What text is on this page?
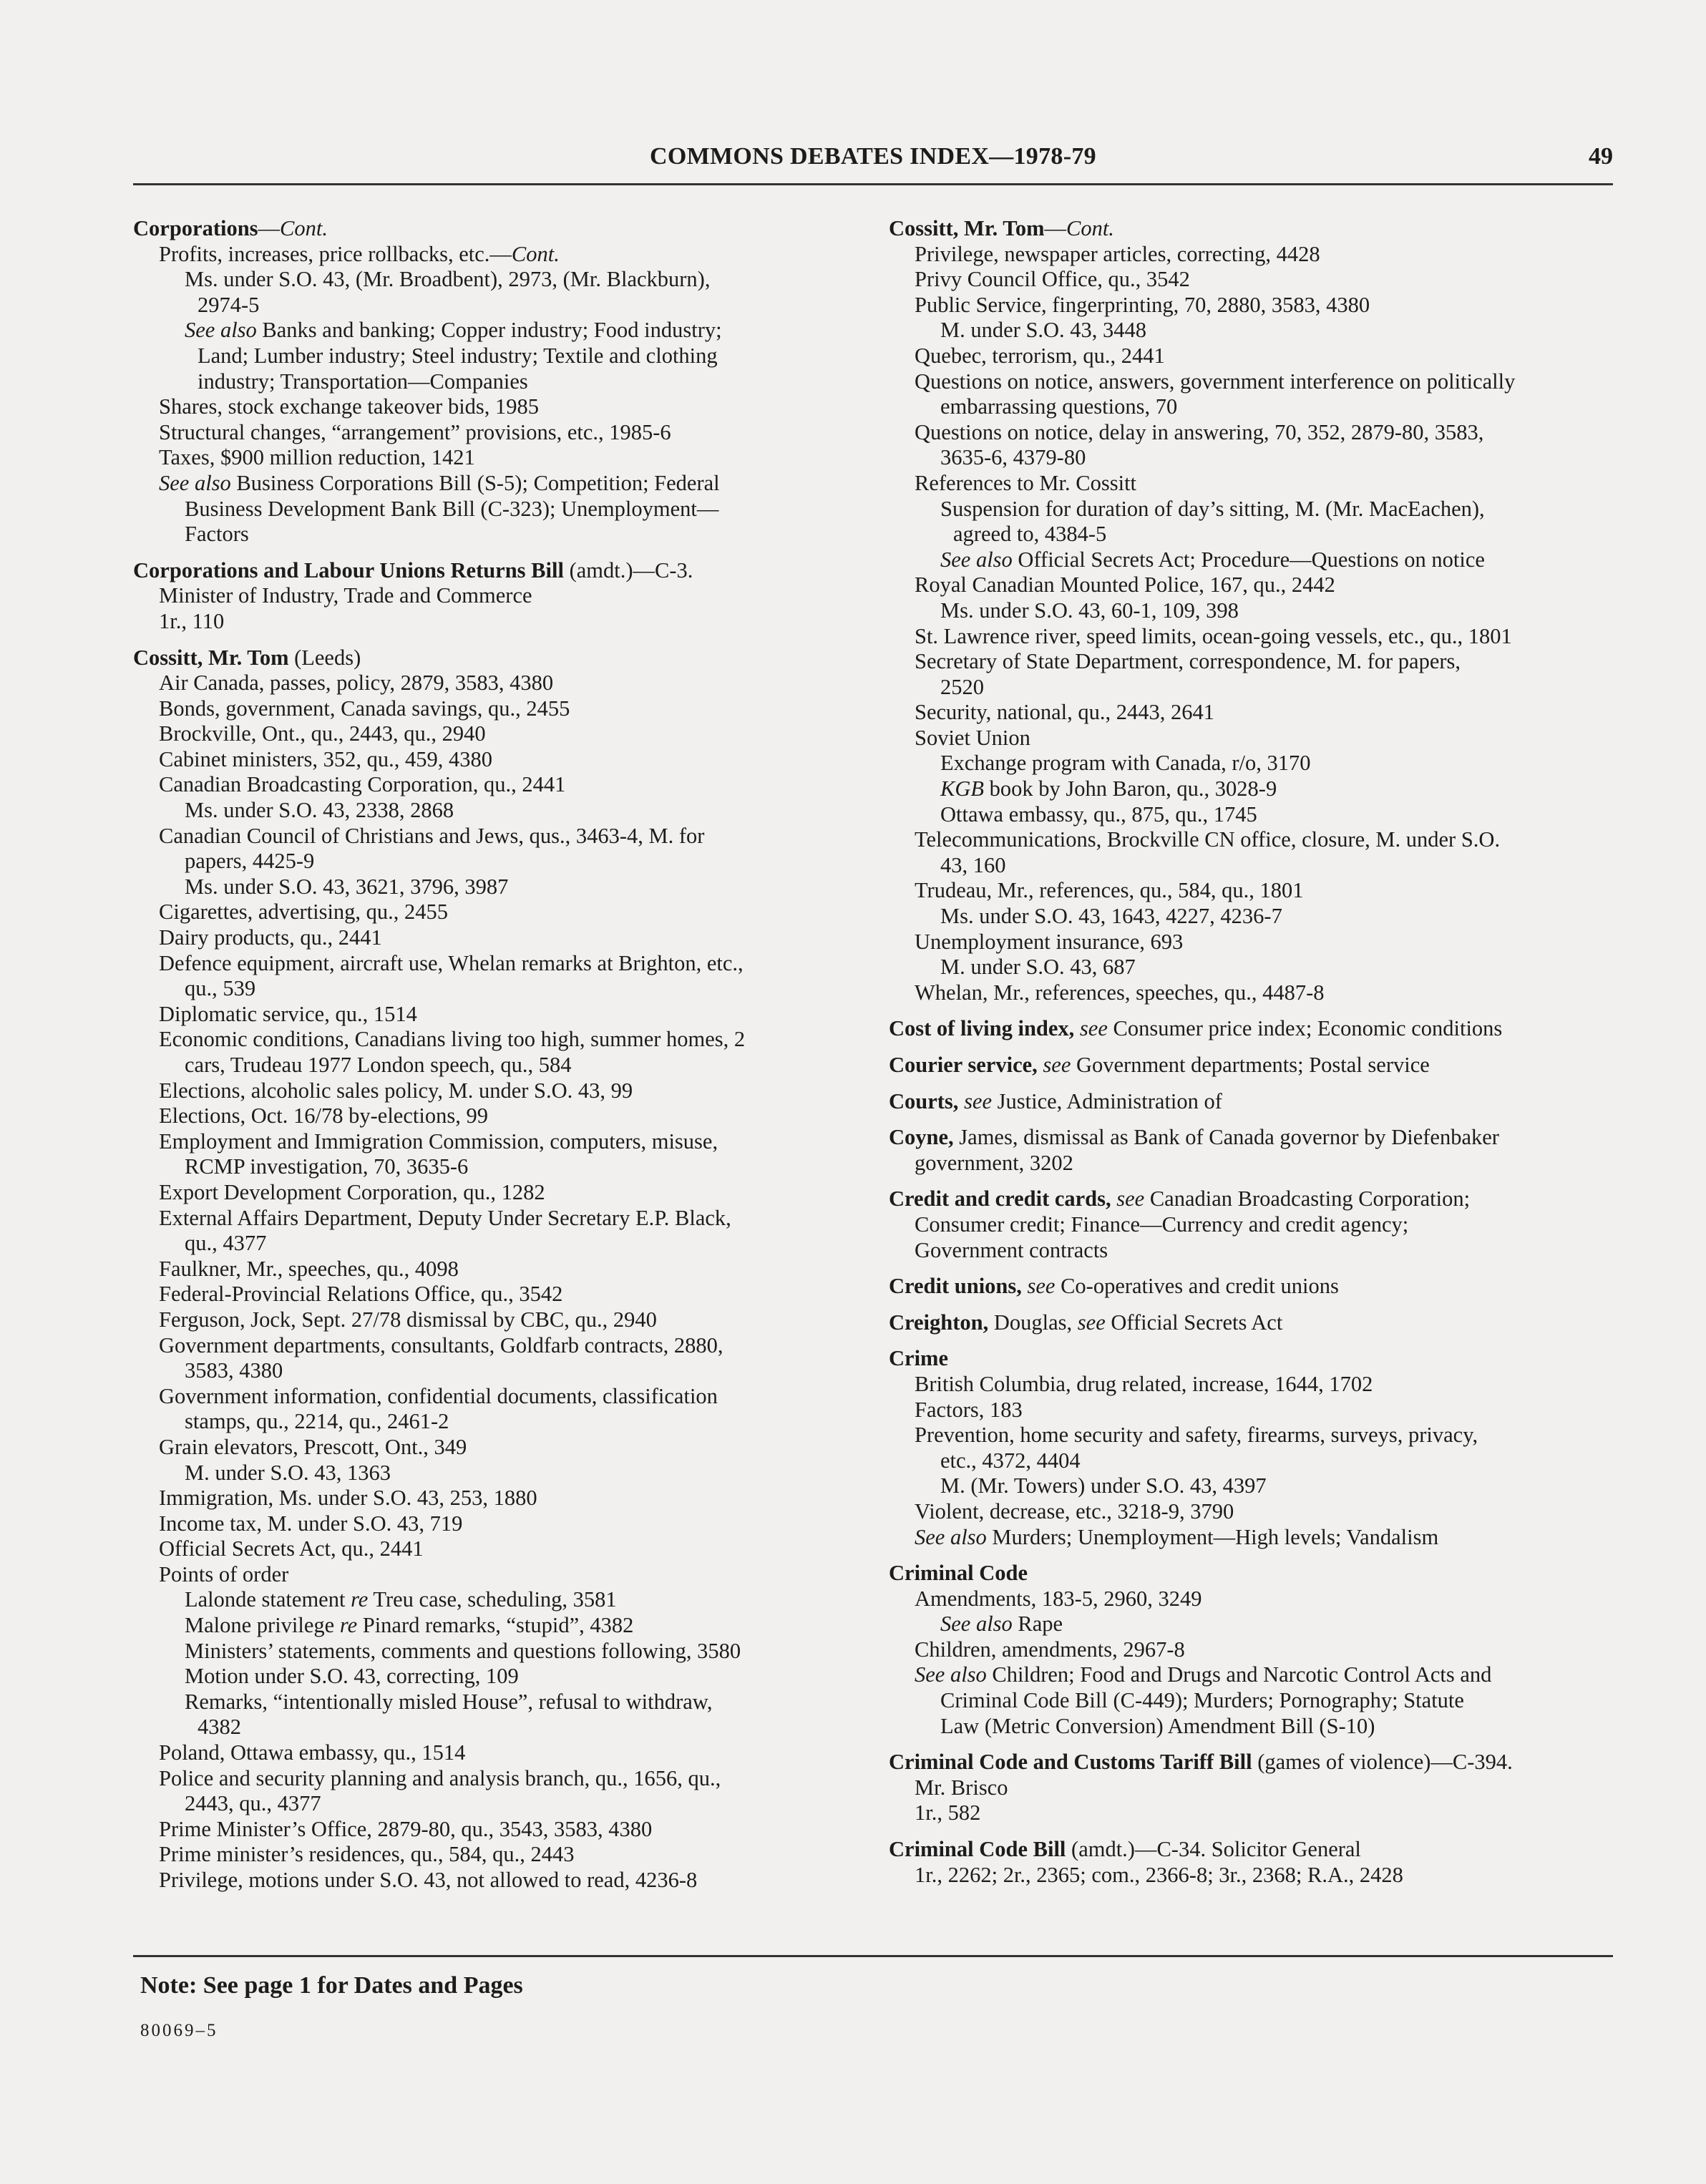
COMMONS DEBATES INDEX—1978-79	49
Corporations—Cont.
Profits, increases, price rollbacks, etc.—Cont.
Ms. under S.O. 43, (Mr. Broadbent), 2973, (Mr. Blackburn),
2974-5
See also Banks and banking; Copper industry; Food industry;
Land; Lumber industry; Steel industry; Textile and clothing
industry; Transportation—Companies
Shares, stock exchange takeover bids, 1985
Structural changes, “arrangement” provisions, etc., 1985-6
Taxes, $900 million reduction, 1421
See also Business Corporations Bill (S-5); Competition; Federal
Business Development Bank Bill (C-323); Unemployment—
Factors
Corporations and Labour Unions Returns Bill (amdt.)—C-3.
Minister of Industry, Trade and Commerce
1r., 110
Cossitt, Mr. Tom (Leeds)
Air Canada, passes, policy, 2879, 3583, 4380
Bonds, government, Canada savings, qu., 2455
Brockville, Ont., qu., 2443, qu., 2940
Cabinet ministers, 352, qu., 459, 4380
Canadian Broadcasting Corporation, qu., 2441
Ms. under S.O. 43, 2338, 2868
Canadian Council of Christians and Jews, qus., 3463-4, M. for
papers, 4425-9
Ms. under S.O. 43, 3621, 3796, 3987
Cigarettes, advertising, qu., 2455
Dairy products, qu., 2441
Defence equipment, aircraft use, Whelan remarks at Brighton, etc.,
qu., 539
Diplomatic service, qu., 1514
Economic conditions, Canadians living too high, summer homes, 2
cars, Trudeau 1977 London speech, qu., 584
Elections, alcoholic sales policy, M. under S.O. 43, 99
Elections, Oct. 16/78 by-elections, 99
Employment and Immigration Commission, computers, misuse,
RCMP investigation, 70, 3635-6
Export Development Corporation, qu., 1282
External Affairs Department, Deputy Under Secretary E.P. Black,
qu., 4377
Faulkner, Mr., speeches, qu., 4098
Federal-Provincial Relations Office, qu., 3542
Ferguson, Jock, Sept. 27/78 dismissal by CBC, qu., 2940
Government departments, consultants, Goldfarb contracts, 2880,
3583, 4380
Government information, confidential documents, classification
stamps, qu., 2214, qu., 2461-2
Grain elevators, Prescott, Ont., 349
M. under S.O. 43, 1363
Immigration, Ms. under S.O. 43, 253, 1880
Income tax, M. under S.O. 43, 719
Official Secrets Act, qu., 2441
Points of order
Lalonde statement re Treu case, scheduling, 3581
Malone privilege re Pinard remarks, “stupid”, 4382
Ministers’ statements, comments and questions following, 3580
Motion under S.O. 43, correcting, 109
Remarks, “intentionally misled House”, refusal to withdraw,
4382
Poland, Ottawa embassy, qu., 1514
Police and security planning and analysis branch, qu., 1656, qu.,
2443, qu., 4377
Prime Minister’s Office, 2879-80, qu., 3543, 3583, 4380
Prime minister’s residences, qu., 584, qu., 2443
Privilege, motions under S.O. 43, not allowed to read, 4236-8
Cossitt, Mr. Tom—Cont.
Privilege, newspaper articles, correcting, 4428
Privy Council Office, qu., 3542
Public Service, fingerprinting, 70, 2880, 3583, 4380
M. under S.O. 43, 3448
Quebec, terrorism, qu., 2441
Questions on notice, answers, government interference on politically
embarrassing questions, 70
Questions on notice, delay in answering, 70, 352, 2879-80, 3583,
3635-6, 4379-80
References to Mr. Cossitt
Suspension for duration of day’s sitting, M. (Mr. MacEachen),
agreed to, 4384-5
See also Official Secrets Act; Procedure—Questions on notice
Royal Canadian Mounted Police, 167, qu., 2442
Ms. under S.O. 43, 60-1, 109, 398
St. Lawrence river, speed limits, ocean-going vessels, etc., qu., 1801
Secretary of State Department, correspondence, M. for papers,
2520
Security, national, qu., 2443, 2641
Soviet Union
Exchange program with Canada, r/o, 3170
KGB book by John Baron, qu., 3028-9
Ottawa embassy, qu., 875, qu., 1745
Telecommunications, Brockville CN office, closure, M. under S.O.
43, 160
Trudeau, Mr., references, qu., 584, qu., 1801
Ms. under S.O. 43, 1643, 4227, 4236-7
Unemployment insurance, 693
M. under S.O. 43, 687
Whelan, Mr., references, speeches, qu., 4487-8
Cost of living index, see Consumer price index; Economic conditions
Courier service, see Government departments; Postal service
Courts, see Justice, Administration of
Coyne, James, dismissal as Bank of Canada governor by Diefenbaker
government, 3202
Credit and credit cards, see Canadian Broadcasting Corporation;
Consumer credit; Finance—Currency and credit agency;
Government contracts
Credit unions, see Co-operatives and credit unions
Creighton, Douglas, see Official Secrets Act
Crime
British Columbia, drug related, increase, 1644, 1702
Factors, 183
Prevention, home security and safety, firearms, surveys, privacy,
etc., 4372, 4404
M. (Mr. Towers) under S.O. 43, 4397
Violent, decrease, etc., 3218-9, 3790
See also Murders; Unemployment—High levels; Vandalism
Criminal Code
Amendments, 183-5, 2960, 3249
See also Rape
Children, amendments, 2967-8
See also Children; Food and Drugs and Narcotic Control Acts and
Criminal Code Bill (C-449); Murders; Pornography; Statute
Law (Metric Conversion) Amendment Bill (S-10)
Criminal Code and Customs Tariff Bill (games of violence)—C-394.
Mr. Brisco
1r., 582
Criminal Code Bill (amdt.)—C-34. Solicitor General
1r., 2262; 2r., 2365; com., 2366-8; 3r., 2368; R.A., 2428
Note: See page 1 for Dates and Pages
80069–5
